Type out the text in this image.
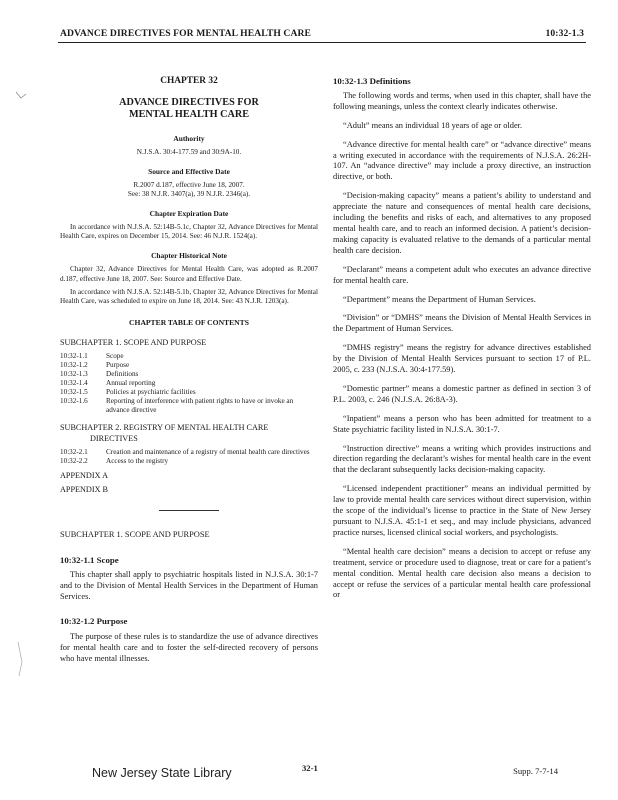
ADVANCE DIRECTIVES FOR MENTAL HEALTH CARE	10:32-1.3
CHAPTER 32
ADVANCE DIRECTIVES FOR
MENTAL HEALTH CARE
Authority
N.J.S.A. 30:4-177.59 and 30:9A-10.
Source and Effective Date
R.2007 d.187, effective June 18, 2007.
See: 38 N.J.R. 3407(a), 39 N.J.R. 2346(a).
Chapter Expiration Date
In accordance with N.J.S.A. 52:14B-5.1c, Chapter 32, Advance Directives for Mental Health Care, expires on December 15, 2014. See: 46 N.J.R. 1524(a).
Chapter Historical Note
Chapter 32, Advance Directives for Mental Health Care, was adopted as R.2007 d.187, effective June 18, 2007. See: Source and Effective Date.
In accordance with N.J.S.A. 52:14B-5.1b, Chapter 32, Advance Directives for Mental Health Care, was scheduled to expire on June 18, 2014. See: 43 N.J.R. 1203(a).
CHAPTER TABLE OF CONTENTS
SUBCHAPTER 1. SCOPE AND PURPOSE
10:32-1.1	Scope
10:32-1.2	Purpose
10:32-1.3	Definitions
10:32-1.4	Annual reporting
10:32-1.5	Policies at psychiatric facilities
10:32-1.6	Reporting of interference with patient rights to have or invoke an advance directive
SUBCHAPTER 2. REGISTRY OF MENTAL HEALTH CARE
DIRECTIVES
10:32-2.1	Creation and maintenance of a registry of mental health care directives
10:32-2.2	Access to the registry
APPENDIX A
APPENDIX B
SUBCHAPTER 1. SCOPE AND PURPOSE
10:32-1.1 Scope
This chapter shall apply to psychiatric hospitals listed in N.J.S.A. 30:1-7 and to the Division of Mental Health Services in the Department of Human Services.
10:32-1.2 Purpose
The purpose of these rules is to standardize the use of advance directives for mental health care and to foster the self-directed recovery of persons who have mental illnesses.
10:32-1.3 Definitions
The following words and terms, when used in this chapter, shall have the following meanings, unless the context clearly indicates otherwise.
“Adult” means an individual 18 years of age or older.
“Advance directive for mental health care” or “advance directive” means a writing executed in accordance with the requirements of N.J.S.A. 26:2H-107. An “advance directive” may include a proxy directive, an instruction directive, or both.
“Decision-making capacity” means a patient’s ability to understand and appreciate the nature and consequences of mental health care decisions, including the benefits and risks of each, and alternatives to any proposed mental health care, and to reach an informed decision. A patient’s decision-making capacity is evaluated relative to the demands of a particular mental health care decision.
“Declarant” means a competent adult who executes an advance directive for mental health care.
“Department” means the Department of Human Services.
“Division” or “DMHS” means the Division of Mental Health Services in the Department of Human Services.
“DMHS registry” means the registry for advance directives established by the Division of Mental Health Services pursuant to section 17 of P.L. 2005, c. 233 (N.J.S.A. 30:4-177.59).
“Domestic partner” means a domestic partner as defined in section 3 of P.L. 2003, c. 246 (N.J.S.A. 26:8A-3).
“Inpatient” means a person who has been admitted for treatment to a State psychiatric facility listed in N.J.S.A. 30:1-7.
“Instruction directive” means a writing which provides instructions and direction regarding the declarant’s wishes for mental health care in the event that the declarant subsequently lacks decision-making capacity.
“Licensed independent practitioner” means an individual permitted by law to provide mental health care services without direct supervision, within the scope of the individual’s license to practice in the State of New Jersey pursuant to N.J.S.A. 45:1-1 et seq., and may include physicians, advanced practice nurses, licensed clinical social workers, and psychologists.
“Mental health care decision” means a decision to accept or refuse any treatment, service or procedure used to diagnose, treat or care for a patient’s mental condition. Mental health care decision also means a decision to accept or refuse the services of a particular mental health care professional or
New Jersey State Library	32-1	Supp. 7-7-14
